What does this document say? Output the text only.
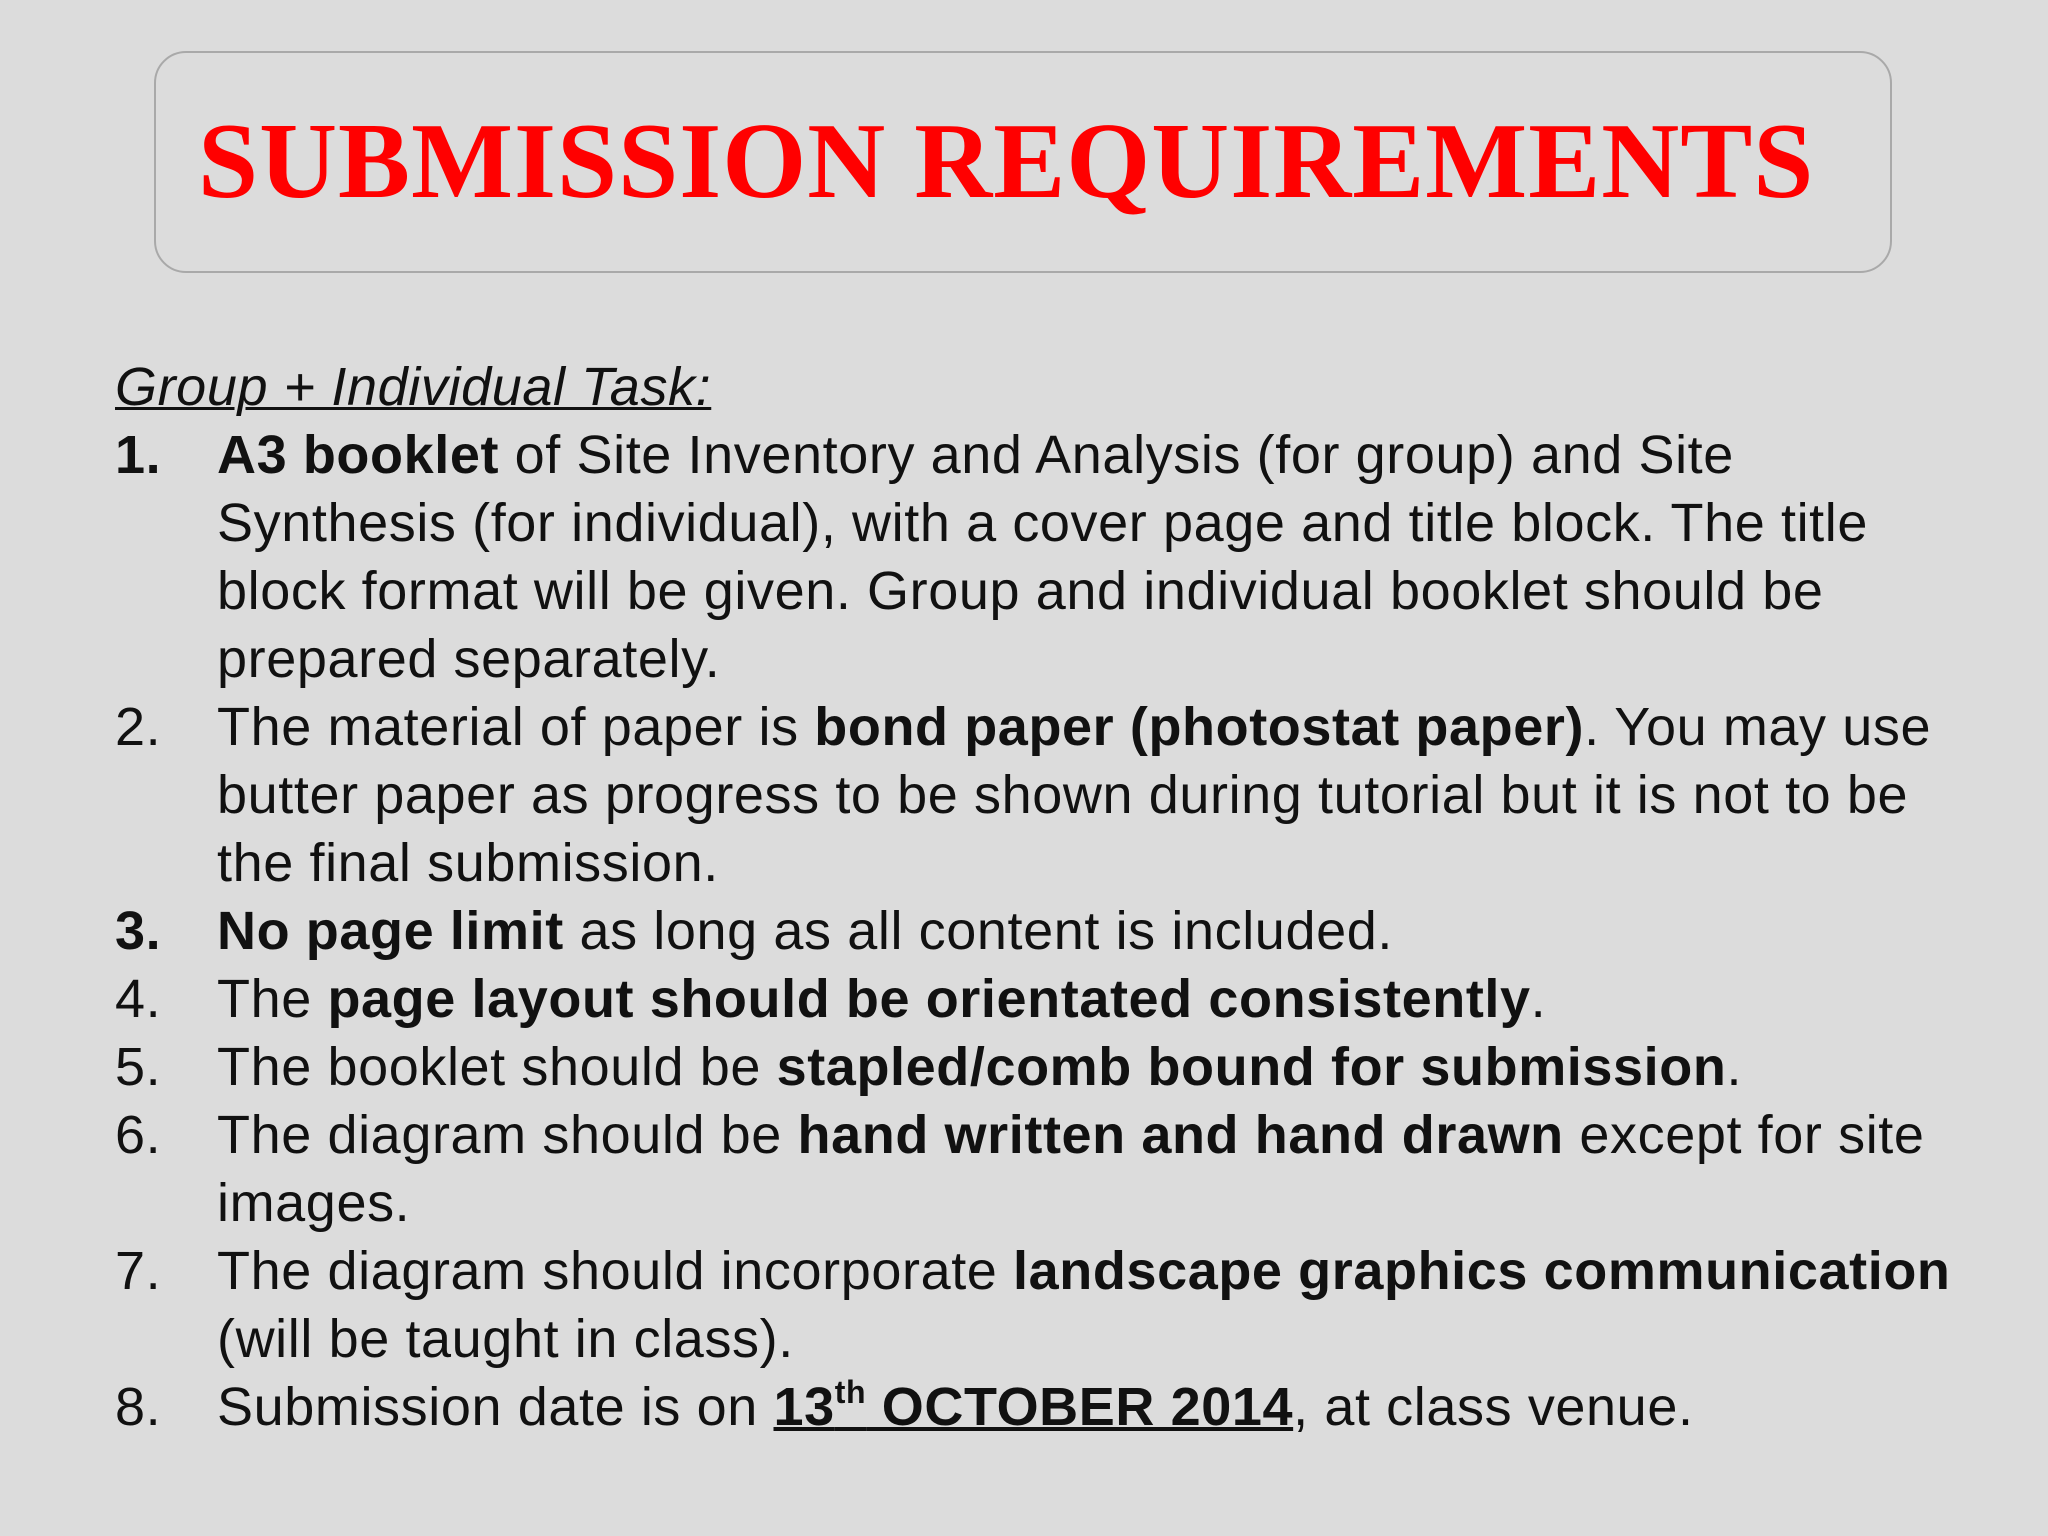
SUBMISSION REQUIREMENTS
Group + Individual Task:
1. A3 booklet of Site Inventory and Analysis (for group) and Site Synthesis (for individual), with a cover page and title block. The title block format will be given. Group and individual booklet should be prepared separately.
2. The material of paper is bond paper (photostat paper). You may use butter paper as progress to be shown during tutorial but it is not to be the final submission.
3. No page limit as long as all content is included.
4. The page layout should be orientated consistently.
5. The booklet should be stapled/comb bound for submission.
6. The diagram should be hand written and hand drawn except for site images.
7. The diagram should incorporate landscape graphics communication (will be taught in class).
8. Submission date is on 13th OCTOBER 2014, at class venue.
